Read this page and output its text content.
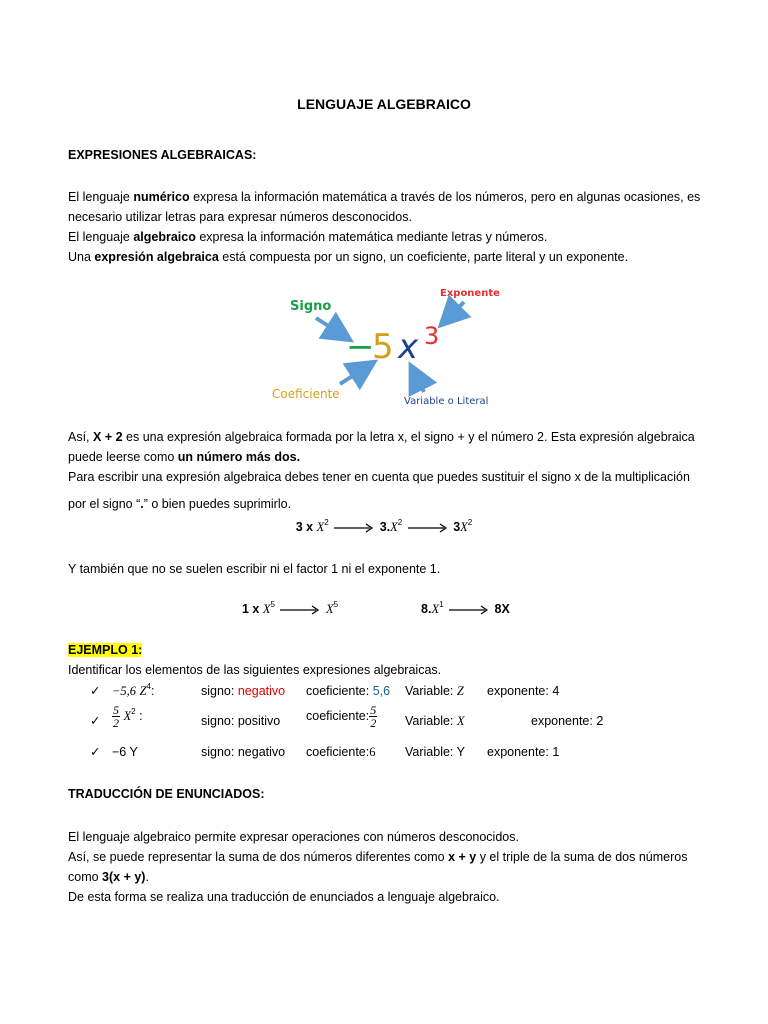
LENGUAJE ALGEBRAICO
EXPRESIONES ALGEBRAICAS:
El lenguaje numérico expresa la información matemática a través de los números, pero en algunas ocasiones, es
necesario utilizar letras para expresar números desconocidos.
El lenguaje algebraico expresa la información matemática mediante letras y números.
Una expresión algebraica está compuesta por un signo, un coeficiente, parte literal y un exponente.
Signo
Exponente
Coeficiente
Variable o Literal
−
5 x 3
Así, X + 2 es una expresión algebraica formada por la letra x, el signo + y el número 2. Esta expresión algebraica
puede leerse como un número más dos.
Para escribir una expresión algebraica debes tener en cuenta que puedes sustituir el signo x de la multiplicación
por el signo “.” o bien puedes suprimirlo.
3 x $X^2$	$3.X^2$	$3X^2$
Y también que no se suelen escribir ni el factor 1 ni el exponente 1.
1 x $X^5$	$X^5$	$8.X^1$	8X
EJEMPLO 1:
Identificar los elementos de las siguientes expresiones algebraicas.
✓ −5,6 $Z^4$:	signo: negativo coeficiente: 5,6 Variable: Z exponente: 4
✓ $\frac{5}{2} X^2$ :	signo: positivo coeficiente: $\frac{5}{2}$ Variable: X	exponente: 2
✓ −6 Y	signo: negativo coeficiente:6 Variable: Y exponente: 1
TRADUCCIÓN DE ENUNCIADOS:
El lenguaje algebraico permite expresar operaciones con números desconocidos.
Así, se puede representar la suma de dos números diferentes como x + y y el triple de la suma de dos números
como 3(x + y).
De esta forma se realiza una traducción de enunciados a lenguaje algebraico.
